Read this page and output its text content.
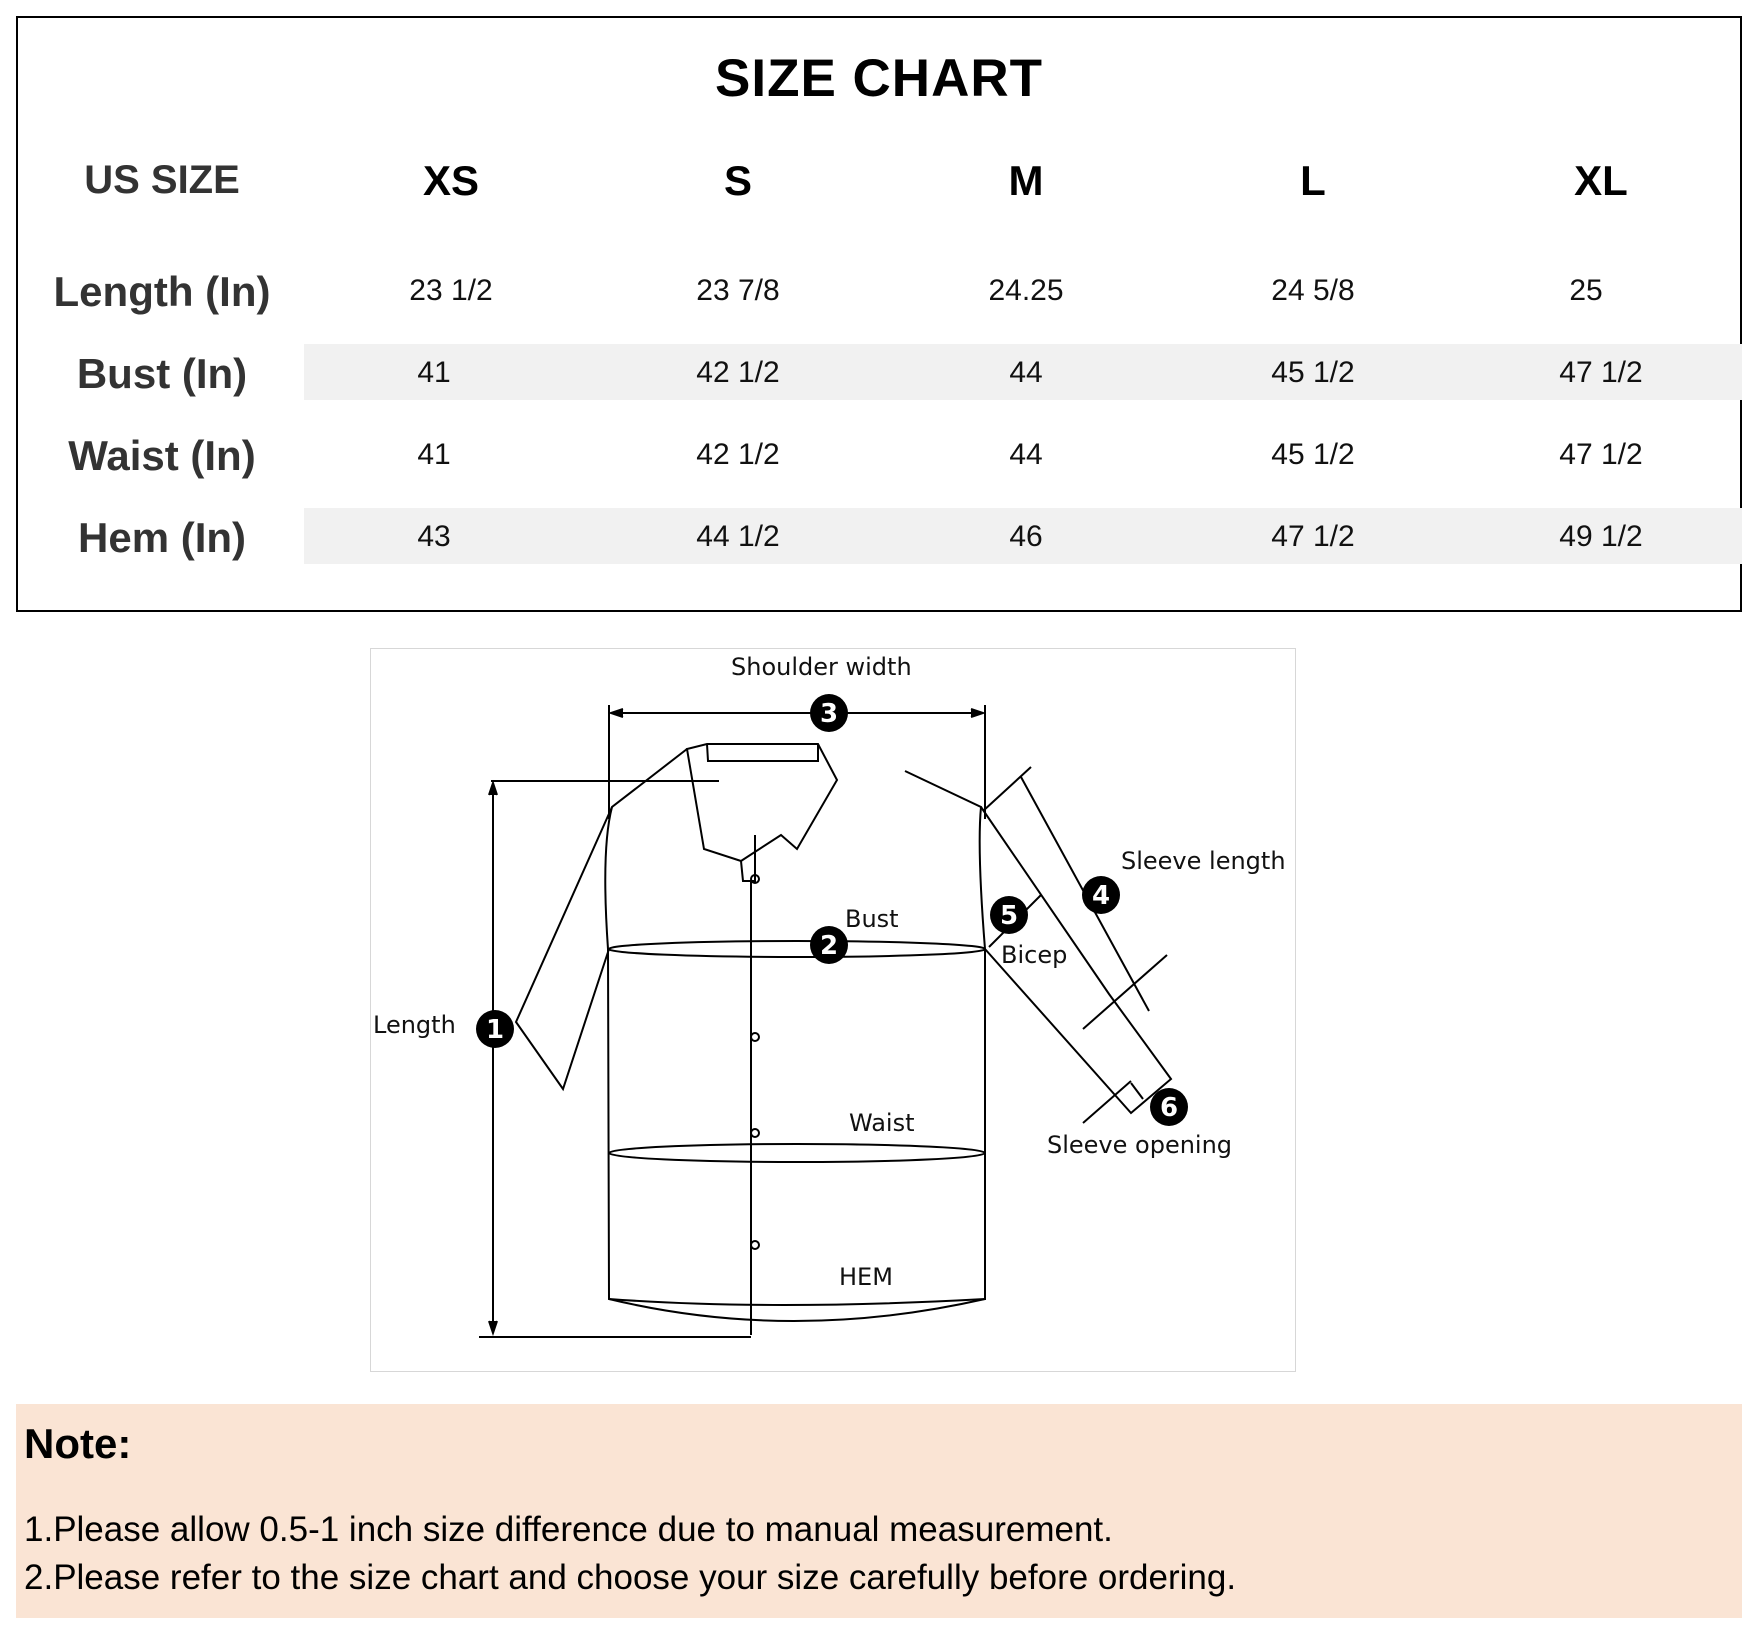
SIZE CHART
US SIZE	XS	S	M	L	XL
Length (In)	23 1/2	23 7/8	24.25	24 5/8	25
Bust (In)	41	42 1/2	44	45 1/2	47 1/2
Waist (In)	41	42 1/2	44	45 1/2	47 1/2
Hem (In)	43	44 1/2	46	47 1/2	49 1/2
1
2
3
4
5
6
Shoulder width
Sleeve length
Bust
Bicep
Length
Waist
Sleeve opening
HEM
Note:
1.Please allow 0.5-1 inch size difference due to manual measurement.
2.Please refer to the size chart and choose your size carefully before ordering.
